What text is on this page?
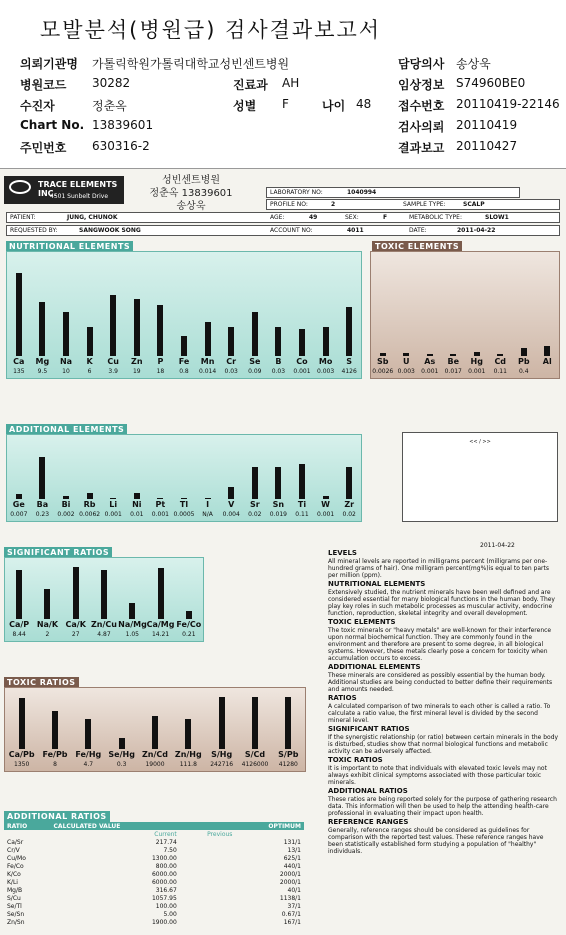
모발분석(병원급) 검사결과보고서
의뢰기관명 가톨릭학원가톨릭대학교성빈센트병원	담당의사 송상욱
병원코드 30282	진료과 AH	임상정보 S74960BE0
수진자	정춘옥	성별 F	나이 48 접수번호 20110419-22146
Chart No. 13839601	검사의뢰 20110419
주민번호 630316-2	결과보고 20110427
TRACE ELEMENTS INC.
4501 Sunbelt Drive
성빈센트병원
정춘옥 13839601
송상욱
LABORATORY NO:	1040994
PROFILE NO:	2	SAMPLE TYPE:	SCALP
PATIENT:	JUNG, CHUNOK	AGE:	49	SEX:	F	METABOLIC TYPE:	SLOW1
REQUESTED BY:	SANGWOOK SONG	ACCOUNT NO:	4011	DATE:	2011-04-22
NUTRITIONAL ELEMENTS	TOXIC ELEMENTS
ADDITIONAL ELEMENTS
SIGNIFICANT RATIOS
TOXIC RATIOS
ADDITIONAL RATIOS
Ca
135
Mg
9.5
Na
10
K
6
Cu
3.9
Zn
19
P
18
Fe
0.8
Mn
0.014
Cr
0.03
Se
0.09
B
0.03
Co
0.001
Mo
0.003
S
4126
Sb
0.0026
U
0.003
As
0.001
Be
0.017
Hg
0.001
Cd
0.11
Pb
0.4
Al
Ge
0.007
Ba
0.23
Bi
0.002
Rb
0.0062
Li
0.001
Ni
0.01
Pt
0.001
Tl
0.0005
I
N/A
V
0.004
Sr
0.02
Sn
0.019
Ti
0.11
W
0.001
Zr
0.02
Ca/P
8.44
Na/K
2
Ca/K
27
Zn/Cu
4.87
Na/Mg
1.05
Ca/Mg
14.21
Fe/Co
0.21
Ca/Pb
1350
Fe/Pb
8
Fe/Hg
4.7
Se/Hg
0.3
Zn/Cd
19000
Zn/Hg
111.8
S/Hg
242716
S/Cd
4126000
S/Pb
41280
<< / >>
2011-04-22
RATIO	CALCULATED VALUE		OPTIMUM
	Current	Previous	
Ca/Sr	217.74		131/1
Cr/V	7.50		13/1
Cu/Mo	1300.00		625/1
Fe/Co	800.00		440/1
K/Co	6000.00		2000/1
K/Li	6000.00		2000/1
Mg/B	316.67		40/1
S/Cu	1057.95		1138/1
Se/Tl	100.00		37/1
Se/Sn	5.00		0.67/1
Zn/Sn	1900.00		167/1
LEVELS
All mineral levels are reported in milligrams percent (milligrams per one-hundred grams of hair). One milligram percent(mg%)is equal to ten parts per million (ppm).
NUTRITIONAL ELEMENTS
Extensively studied, the nutrient minerals have been well defined and are considered essential for many biological functions in the human body. They play key roles in such metabolic processes as muscular activity, endocrine function, reproduction, skeletal integrity and overall development.
TOXIC ELEMENTS
The toxic minerals or "heavy metals" are well-known for their interference upon normal biochemical function. They are commonly found in the environment and therefore are present to some degree, in all biological systems. However, these metals clearly pose a concern for toxicity when accumulation occurs to excess.
ADDITIONAL ELEMENTS
These minerals are considered as possibly essential by the human body. Additional studies are being conducted to better define their requirements and amounts needed.
RATIOS
A calculated comparison of two minerals to each other is called a ratio. To calculate a ratio value, the first mineral level is divided by the second mineral level.
SIGNIFICANT RATIOS
If the synergistic relationship (or ratio) between certain minerals in the body is disturbed, studies show that normal biological functions and metabolic activity can be adversely affected.
TOXIC RATIOS
It is important to note that individuals with elevated toxic levels may not always exhibit clinical symptoms associated with those particular toxic minerals.
ADDITIONAL RATIOS
These ratios are being reported solely for the purpose of gathering research data. This information will then be used to help the attending health-care professional in evaluating their impact upon health.
REFERENCE RANGES
Generally, reference ranges should be considered as guidelines for comparison with the reported test values. These reference ranges have been statistically established form studying a population of "healthy" individuals.
